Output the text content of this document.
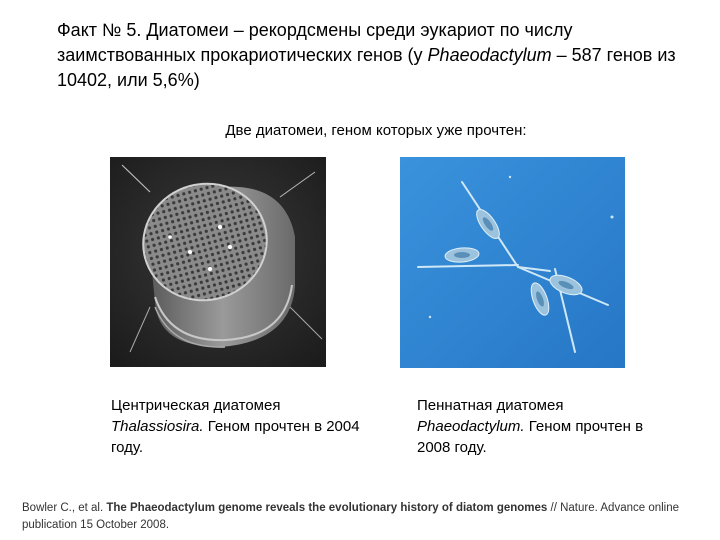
Факт № 5. Диатомеи – рекордсмены среди эукариот по числу заимствованных прокариотических генов (у Phaeodactylum – 587 генов из 10402, или 5,6%)
Две диатомеи, геном которых уже прочтен:
Центрическая диатомея
Thalassiosira. Геном прочтен в 2004 году.
Пеннатная диатомея
Phaeodactylum. Геном прочтен в 2008 году.
Bowler C., et al. The Phaeodactylum genome reveals the evolutionary history of diatom genomes // Nature. Advance online publication 15 October 2008.
